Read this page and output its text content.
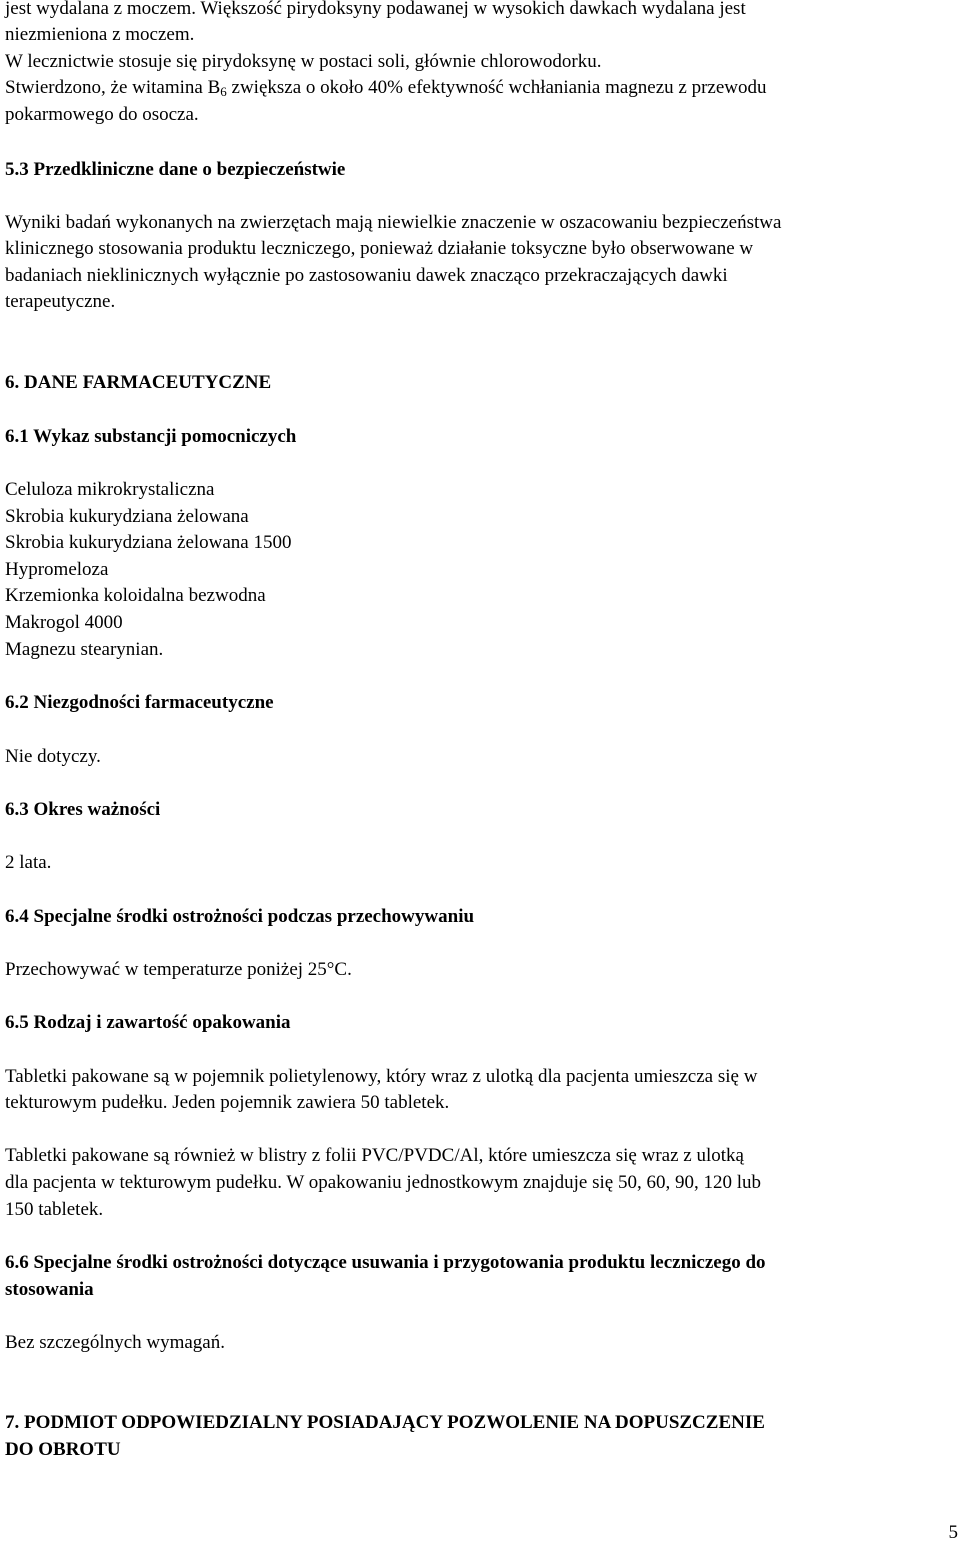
jest wydalana z moczem. Większość pirydoksyny podawanej w wysokich dawkach wydalana jest

niezmieniona z moczem.

W lecznictwie stosuje się pirydoksynę w postaci soli, głównie chlorowodorku.

Stwierdzono, że witamina $B_6$ zwiększa o około 40% efektywność wchłaniania magnezu z przewodu

pokarmowego do osocza.

5.3 Przedkliniczne dane o bezpieczeństwie

Wyniki badań wykonanych na zwierzętach mają niewielkie znaczenie w oszacowaniu bezpieczeństwa

klinicznego stosowania produktu leczniczego, ponieważ działanie toksyczne było obserwowane w

badaniach nieklinicznych wyłącznie po zastosowaniu dawek znacząco przekraczających dawki

terapeutyczne.

6. DANE FARMACEUTYCZNE

6.1 Wykaz substancji pomocniczych

Celuloza mikrokrystaliczna

Skrobia kukurydziana żelowana

Skrobia kukurydziana żelowana 1500

Hypromeloza

Krzemionka koloidalna bezwodna

Makrogol 4000

Magnezu stearynian.

6.2 Niezgodności farmaceutyczne

Nie dotyczy.

6.3 Okres ważności

2 lata.

6.4 Specjalne środki ostrożności podczas przechowywaniu

Przechowywać w temperaturze poniżej 25°C.

6.5 Rodzaj i zawartość opakowania

Tabletki pakowane są w pojemnik polietylenowy, który wraz z ulotką dla pacjenta umieszcza się w

tekturowym pudełku. Jeden pojemnik zawiera 50 tabletek.

Tabletki pakowane są również w blistry z folii PVC/PVDC/Al, które umieszcza się wraz z ulotką

dla pacjenta w tekturowym pudełku. W opakowaniu jednostkowym znajduje się 50, 60, 90, 120 lub

150 tabletek.

6.6 Specjalne środki ostrożności dotyczące usuwania i przygotowania produktu leczniczego do

stosowania

Bez szczególnych wymagań.

7. PODMIOT ODPOWIEDZIALNY POSIADAJĄCY POZWOLENIE NA DOPUSZCZENIE

DO OBROTU

5
